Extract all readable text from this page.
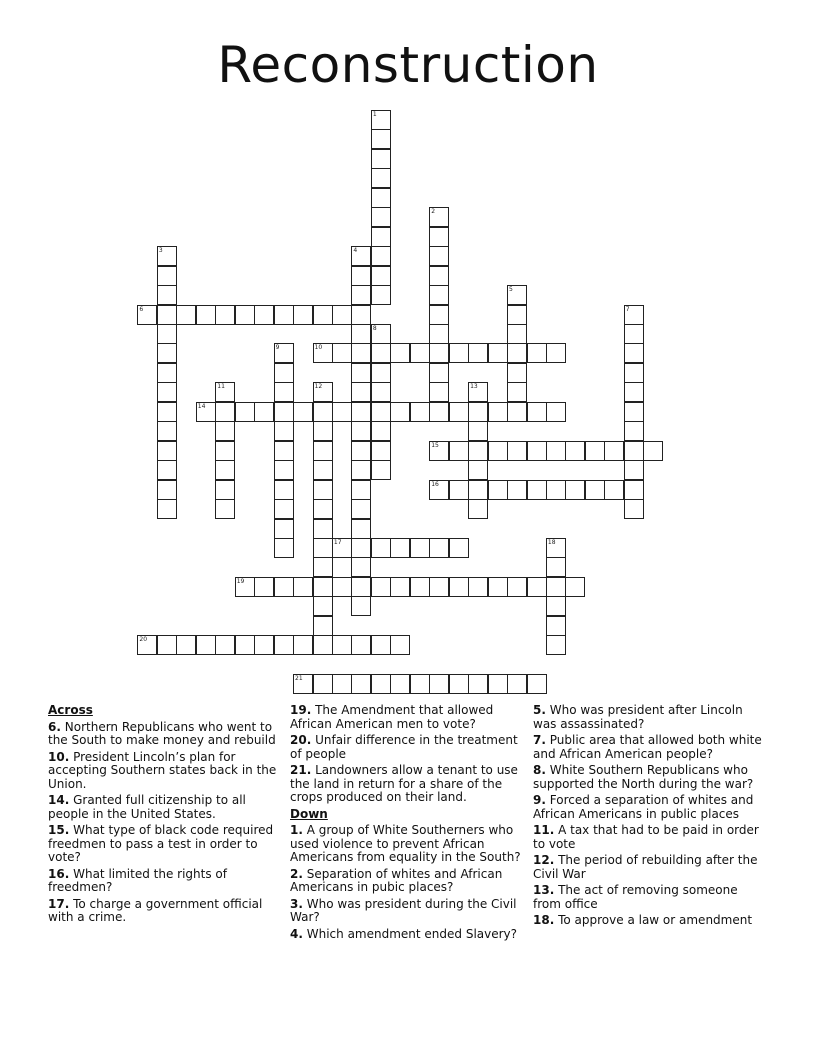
Reconstruction
1
2
3	4
5
6	7
8
9	10
11	12	13
14
15
16
17	18
19
20
21
Across
6. Northern Republicans who went to the South to make money and rebuild
10. President Lincoln’s plan for accepting Southern states back in the Union.
14. Granted full citizenship to all people in the United States.
15. What type of black code required freedmen to pass a test in order to vote?
16. What limited the rights of freedmen?
17. To charge a government official with a crime.
19. The Amendment that allowed African American men to vote?
20. Unfair difference in the treatment of people
21. Landowners allow a tenant to use the land in return for a share of the crops produced on their land.
Down
1. A group of White Southerners who used violence to prevent African Americans from equality in the South?
2. Separation of whites and African Americans in pubic places?
3. Who was president during the Civil War?
4. Which amendment ended Slavery?
5. Who was president after Lincoln was assassinated?
7. Public area that allowed both white and African American people?
8. White Southern Republicans who supported the North during the war?
9. Forced a separation of whites and African Americans in public places
11. A tax that had to be paid in order to vote
12. The period of rebuilding after the Civil War
13. The act of removing someone from office
18. To approve a law or amendment
